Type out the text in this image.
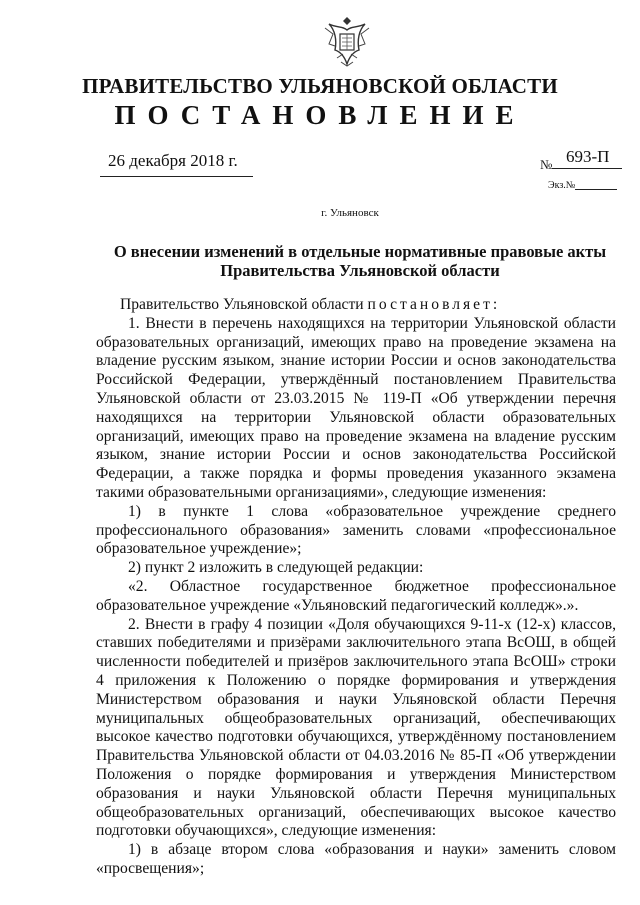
ПРАВИТЕЛЬСТВО УЛЬЯНОВСКОЙ ОБЛАСТИ
ПОСТАНОВЛЕНИЕ
26 декабря 2018 г.	№ 693-П
Экз.№
г. Ульяновск
О внесении изменений в отдельные нормативные правовые акты
Правительства Ульяновской области

Правительство Ульяновской области постановляет:

1. Внести в перечень находящихся на территории Ульяновской области образовательных организаций, имеющих право на проведение экзамена на владение русским языком, знание истории России и основ законодательства Российской Федерации, утверждённый постановлением Правительства Ульяновской области от 23.03.2015 № 119-П «Об утверждении перечня находящихся на территории Ульяновской области образовательных организаций, имеющих право на проведение экзамена на владение русским языком, знание истории России и основ законодательства Российской Федерации, а также порядка и формы проведения указанного экзамена такими образовательными организациями», следующие изменения:

1) в пункте 1 слова «образовательное учреждение среднего профессионального образования» заменить словами «профессиональное образовательное учреждение»;

2) пункт 2 изложить в следующей редакции:

«2. Областное государственное бюджетное профессиональное образовательное учреждение «Ульяновский педагогический колледж».».

2. Внести в графу 4 позиции «Доля обучающихся 9-11-х (12-х) классов, ставших победителями и призёрами заключительного этапа ВсОШ, в общей численности победителей и призёров заключительного этапа ВсОШ» строки 4 приложения к Положению о порядке формирования и утверждения Министерством образования и науки Ульяновской области Перечня муниципальных общеобразовательных организаций, обеспечивающих высокое качество подготовки обучающихся, утверждённому постановлением Правительства Ульяновской области от 04.03.2016 № 85-П «Об утверждении Положения о порядке формирования и утверждения Министерством образования и науки Ульяновской области Перечня муниципальных общеобразовательных организаций, обеспечивающих высокое качество подготовки обучающихся», следующие изменения:

1) в абзаце втором слова «образования и науки» заменить словом «просвещения»;
